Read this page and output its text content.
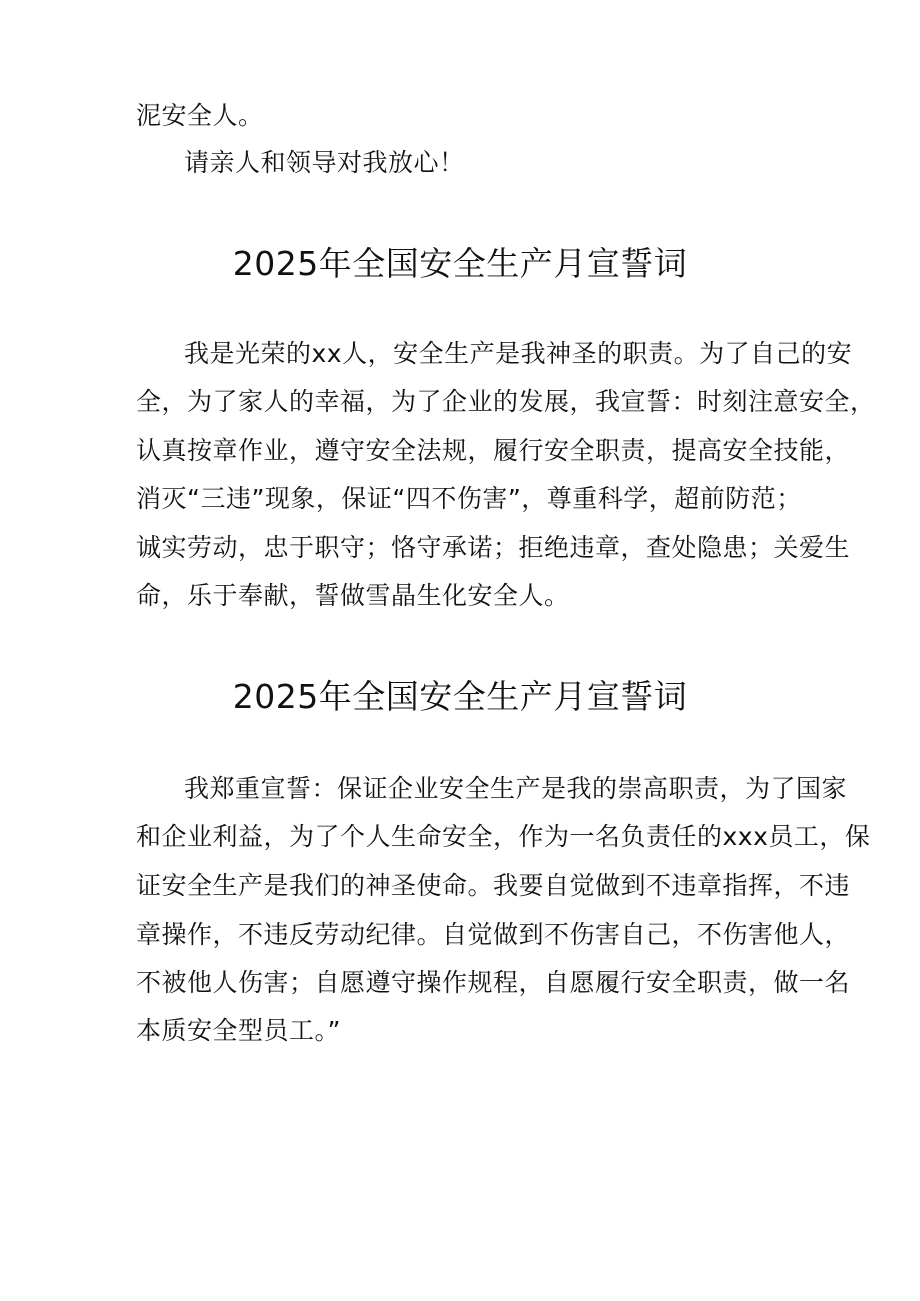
泥安全人。
请亲人和领导对我放心！
2025年全国安全生产月宣誓词
我是光荣的xx人，安全生产是我神圣的职责。为了自己的安
全，为了家人的幸福，为了企业的发展，我宣誓：时刻注意安全，
认真按章作业，遵守安全法规，履行安全职责，提高安全技能，
消灭“三违”现象，保证“四不伤害”，尊重科学，超前防范；
诚实劳动，忠于职守；恪守承诺；拒绝违章，查处隐患；关爱生
命，乐于奉献，誓做雪晶生化安全人。
2025年全国安全生产月宣誓词
我郑重宣誓：保证企业安全生产是我的崇高职责，为了国家
和企业利益，为了个人生命安全，作为一名负责任的xxx员工，保
证安全生产是我们的神圣使命。我要自觉做到不违章指挥，不违
章操作，不违反劳动纪律。自觉做到不伤害自己，不伤害他人，
不被他人伤害；自愿遵守操作规程，自愿履行安全职责，做一名
本质安全型员工。”
